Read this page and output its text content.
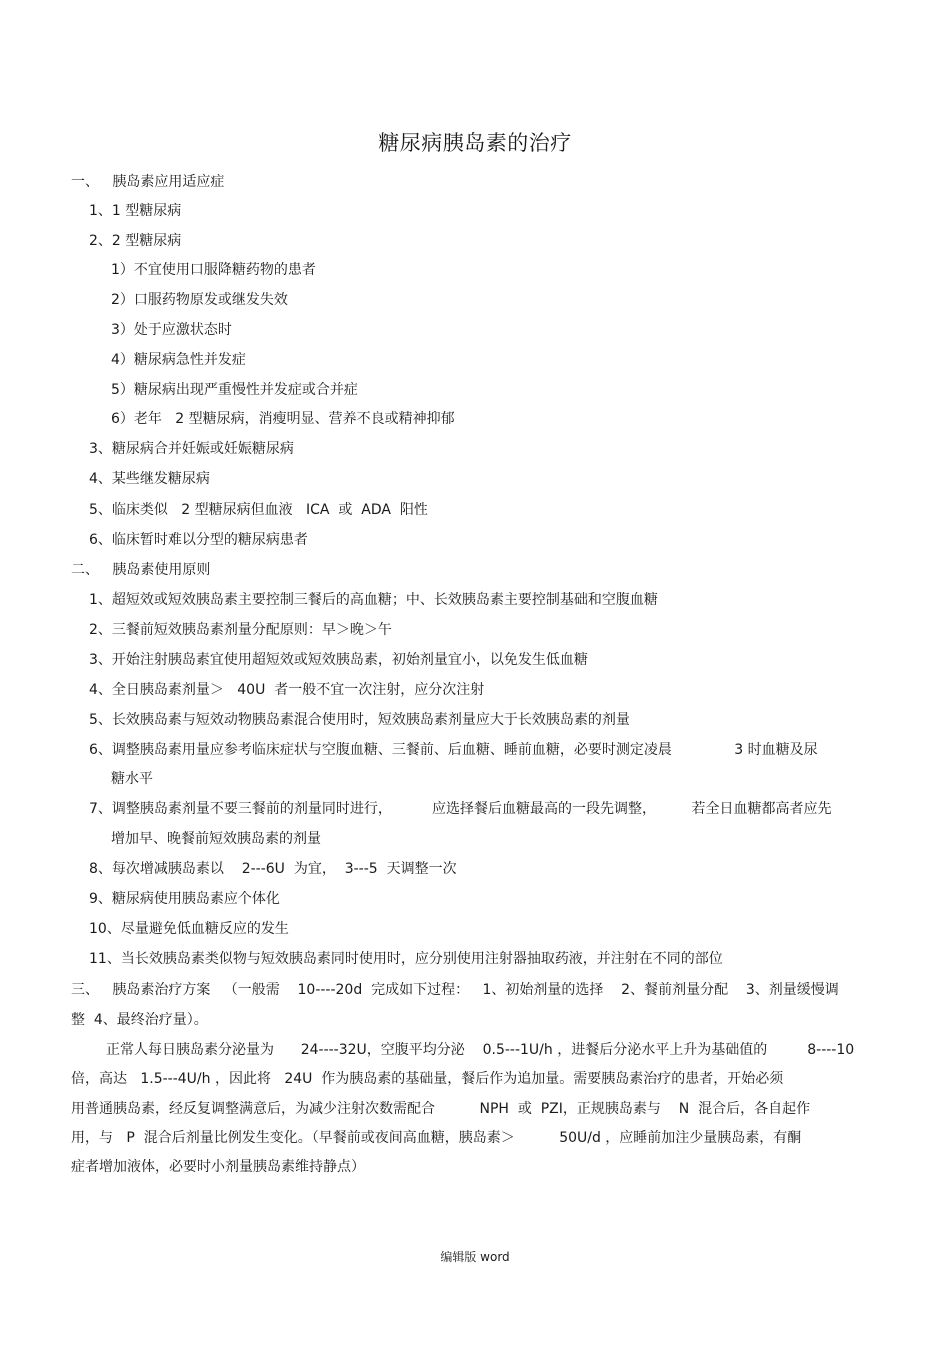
糖尿病胰岛素的治疗
一、   胰岛素应用适应症
1、1 型糖尿病
2、2 型糖尿病
1）不宜使用口服降糖药物的患者
2）口服药物原发或继发失效
3）处于应激状态时
4）糖尿病急性并发症
5）糖尿病出现严重慢性并发症或合并症
6）老年   2 型糖尿病，消瘦明显、营养不良或精神抑郁
3、糖尿病合并妊娠或妊娠糖尿病
4、某些继发糖尿病
5、临床类似   2 型糖尿病但血液   ICA  或  ADA  阳性
6、临床暂时难以分型的糖尿病患者
二、   胰岛素使用原则
1、超短效或短效胰岛素主要控制三餐后的高血糖；中、长效胰岛素主要控制基础和空腹血糖
2、三餐前短效胰岛素剂量分配原则：早＞晚＞午
3、开始注射胰岛素宜使用超短效或短效胰岛素，初始剂量宜小，以免发生低血糖
4、全日胰岛素剂量＞   40U  者一般不宜一次注射，应分次注射
5、长效胰岛素与短效动物胰岛素混合使用时，短效胰岛素剂量应大于长效胰岛素的剂量
6、调整胰岛素用量应参考临床症状与空腹血糖、三餐前、后血糖、睡前血糖，必要时测定凌晨              3 时血糖及尿
糖水平
7、调整胰岛素剂量不要三餐前的剂量同时进行，         应选择餐后血糖最高的一段先调整，        若全日血糖都高者应先
增加早、晚餐前短效胰岛素的剂量
8、每次增减胰岛素以    2---6U  为宜，  3---5  天调整一次
9、糖尿病使用胰岛素应个体化
10、尽量避免低血糖反应的发生
11、当长效胰岛素类似物与短效胰岛素同时使用时，应分别使用注射器抽取药液，并注射在不同的部位
三、   胰岛素治疗方案   （一般需    10----20d  完成如下过程：   1、初始剂量的选择    2、餐前剂量分配    3、剂量缓慢调
整  4、最终治疗量）。
正常人每日胰岛素分泌量为      24----32U，空腹平均分泌    0.5---1U/h ，进餐后分泌水平上升为基础值的         8----10
倍，高达   1.5---4U/h ，因此将   24U  作为胰岛素的基础量，餐后作为追加量。需要胰岛素治疗的患者，开始必须
用普通胰岛素，经反复调整满意后，为减少注射次数需配合          NPH  或  PZI，正规胰岛素与    N  混合后，各自起作
用，与   P  混合后剂量比例发生变化。（早餐前或夜间高血糖，胰岛素＞          50U/d ，应睡前加注少量胰岛素，有酮
症者增加液体，必要时小剂量胰岛素维持静点）
编辑版 word
